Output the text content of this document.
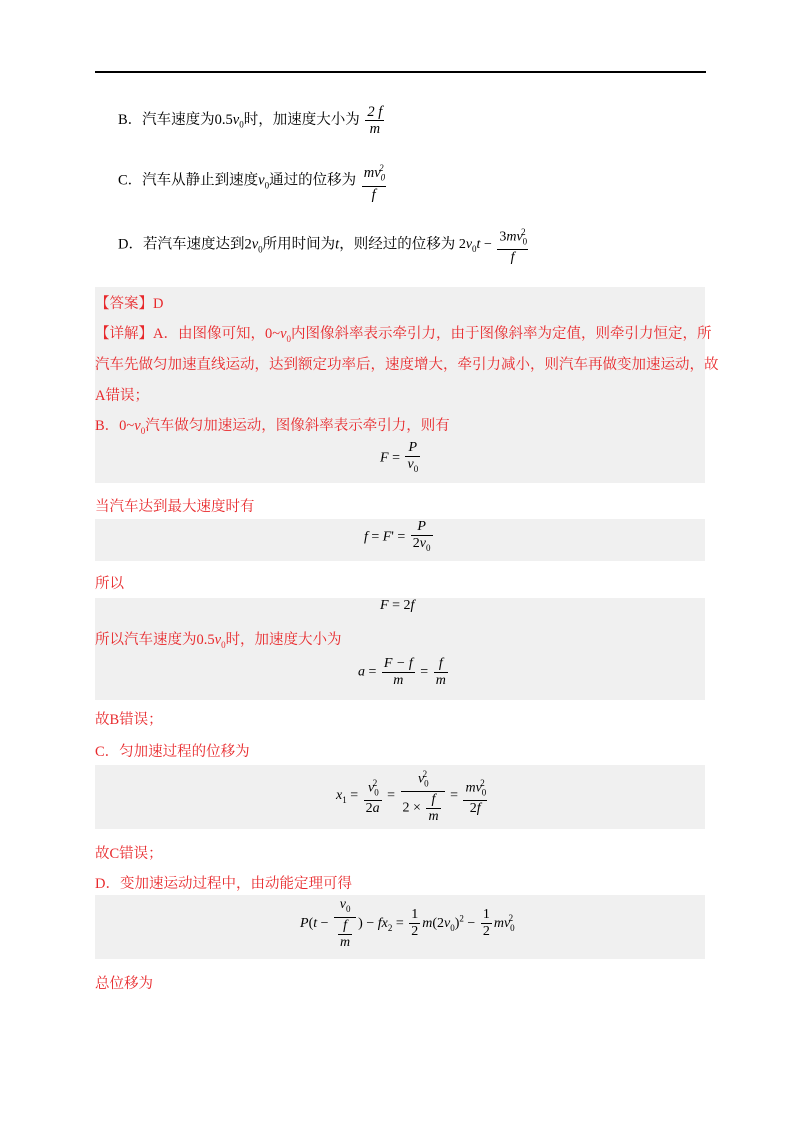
B．汽车速度为$0.5v_0$时，加速度大小为 $\frac{2 f}{m}$
C．汽车从静止到速度$v_0$通过的位移为 $\frac{mv_0^2}{f}$
D．若汽车速度达到$2v_0$所用时间为t，则经过的位移为 $2v_0t - \frac{3mv_0^2}{f}$
【答案】D
【详解】A．由图像可知，$0\sim v_0$内图像斜率表示牵引力，由于图像斜率为定值，则牵引力恒定，所
汽车先做匀加速直线运动，达到额定功率后，速度增大，牵引力减小，则汽车再做变加速运动，故
A错误；
B．$0\sim v_0$汽车做匀加速运动，图像斜率表示牵引力，则有
$F = \frac{P}{v_0}$
当汽车达到最大速度时有
$f = F' = \frac{P}{2v_0}$
所以
F = 2f
所以汽车速度为$0.5v_0$时，加速度大小为
$a = \frac{F - f}{m} = \frac{f}{m}$
故B错误；
C．匀加速过程的位移为
$x_1 = \frac{v_0^2}{2a} = \frac{v_0^2}{2 \times \frac{f}{m}} = \frac{mv_0^2}{2f}$
故C错误；
D．变加速运动过程中，由动能定理可得
$P(t - \frac{v_0}{\frac{f}{m}}$ ) − $fx_2 = \frac{1}{2} m(2v_0)^2 - \frac{1}{2} mv_0^2$
总位移为
